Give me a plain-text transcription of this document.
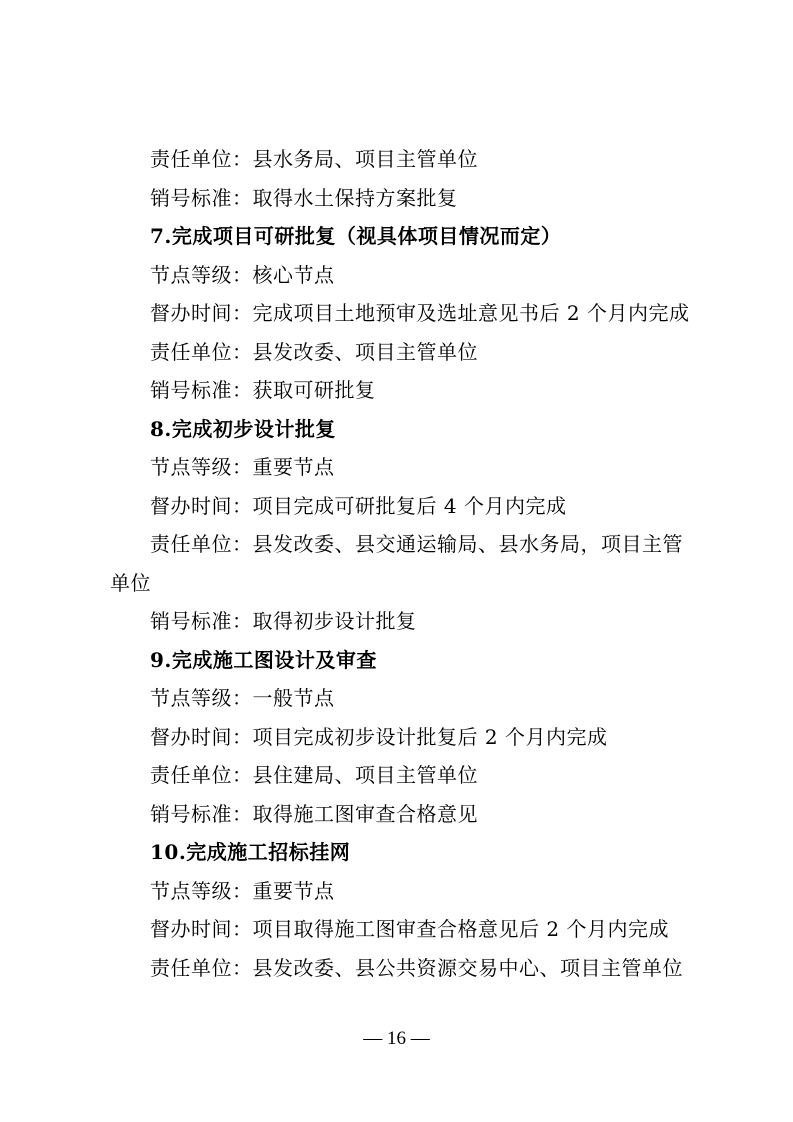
责任单位：县水务局、项目主管单位
销号标准：取得水土保持方案批复
7.完成项目可研批复（视具体项目情况而定）
节点等级：核心节点
督办时间：完成项目土地预审及选址意见书后 2 个月内完成
责任单位：县发改委、项目主管单位
销号标准：获取可研批复
8.完成初步设计批复
节点等级：重要节点
督办时间：项目完成可研批复后 4 个月内完成
责任单位：县发改委、县交通运输局、县水务局，项目主管单位
销号标准：取得初步设计批复
9.完成施工图设计及审查
节点等级：一般节点
督办时间：项目完成初步设计批复后 2 个月内完成
责任单位：县住建局、项目主管单位
销号标准：取得施工图审查合格意见
10.完成施工招标挂网
节点等级：重要节点
督办时间：项目取得施工图审查合格意见后 2 个月内完成
责任单位：县发改委、县公共资源交易中心、项目主管单位
— 16 —
